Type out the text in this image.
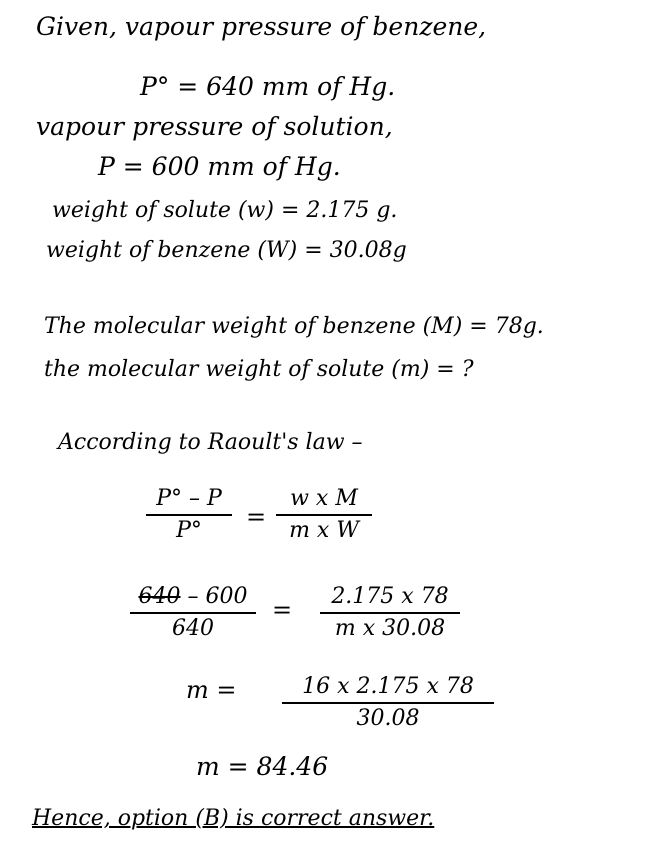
Given, vapour pressure of benzene,
P° = 640 mm of Hg.
vapour pressure of solution,
P = 600 mm of Hg.
weight of solute (w) = 2.175 g.
weight of benzene (W) = 30.08g
The molecular weight of benzene (M) = 78g.
the molecular weight of solute (m) = ?
According to Raoult's law –
P° – P
P° =
w x M
m x W
640 – 600
640
= 2.175 x 78
m x 30.08
m =	16 x 2.175 x 78
30.08
m = 84.46
Hence, option (B) is correct answer.
